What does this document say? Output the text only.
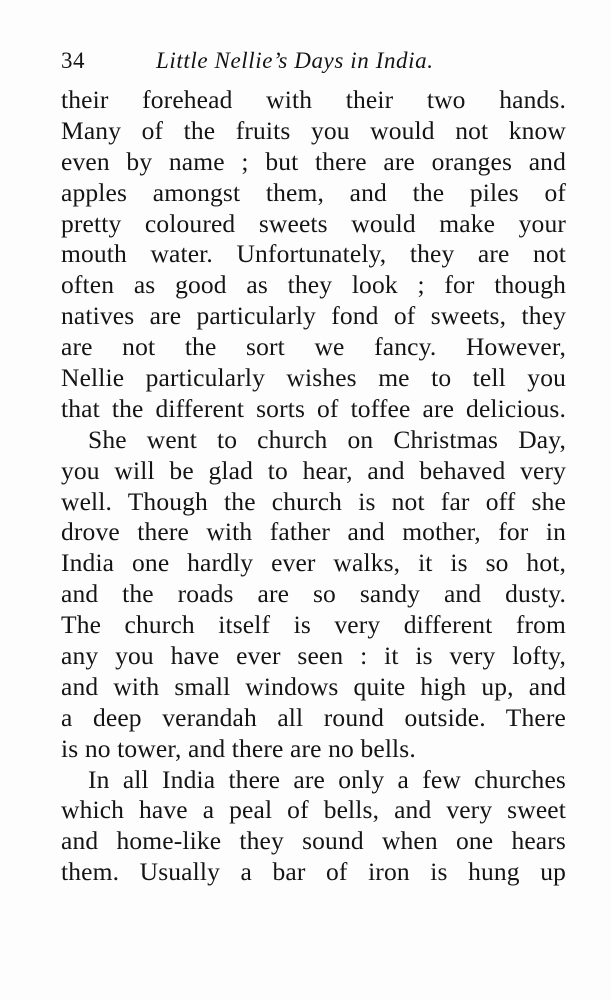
34	Little Nellie’s Days in India.
their forehead with their two hands.
Many of the fruits you would not know
even by name ; but there are oranges and
apples amongst them, and the piles of
pretty coloured sweets would make your
mouth water. Unfortunately, they are not
often as good as they look ; for though
natives are particularly fond of sweets, they
are not the sort we fancy. However,
Nellie particularly wishes me to tell you
that the different sorts of toffee are delicious.
She went to church on Christmas Day,
you will be glad to hear, and behaved very
well. Though the church is not far off she
drove there with father and mother, for in
India one hardly ever walks, it is so hot,
and the roads are so sandy and dusty.
The church itself is very different from
any you have ever seen : it is very lofty,
and with small windows quite high up, and
a deep verandah all round outside. There
is no tower, and there are no bells.
In all India there are only a few churches
which have a peal of bells, and very sweet
and home-like they sound when one hears
them. Usually a bar of iron is hung up
